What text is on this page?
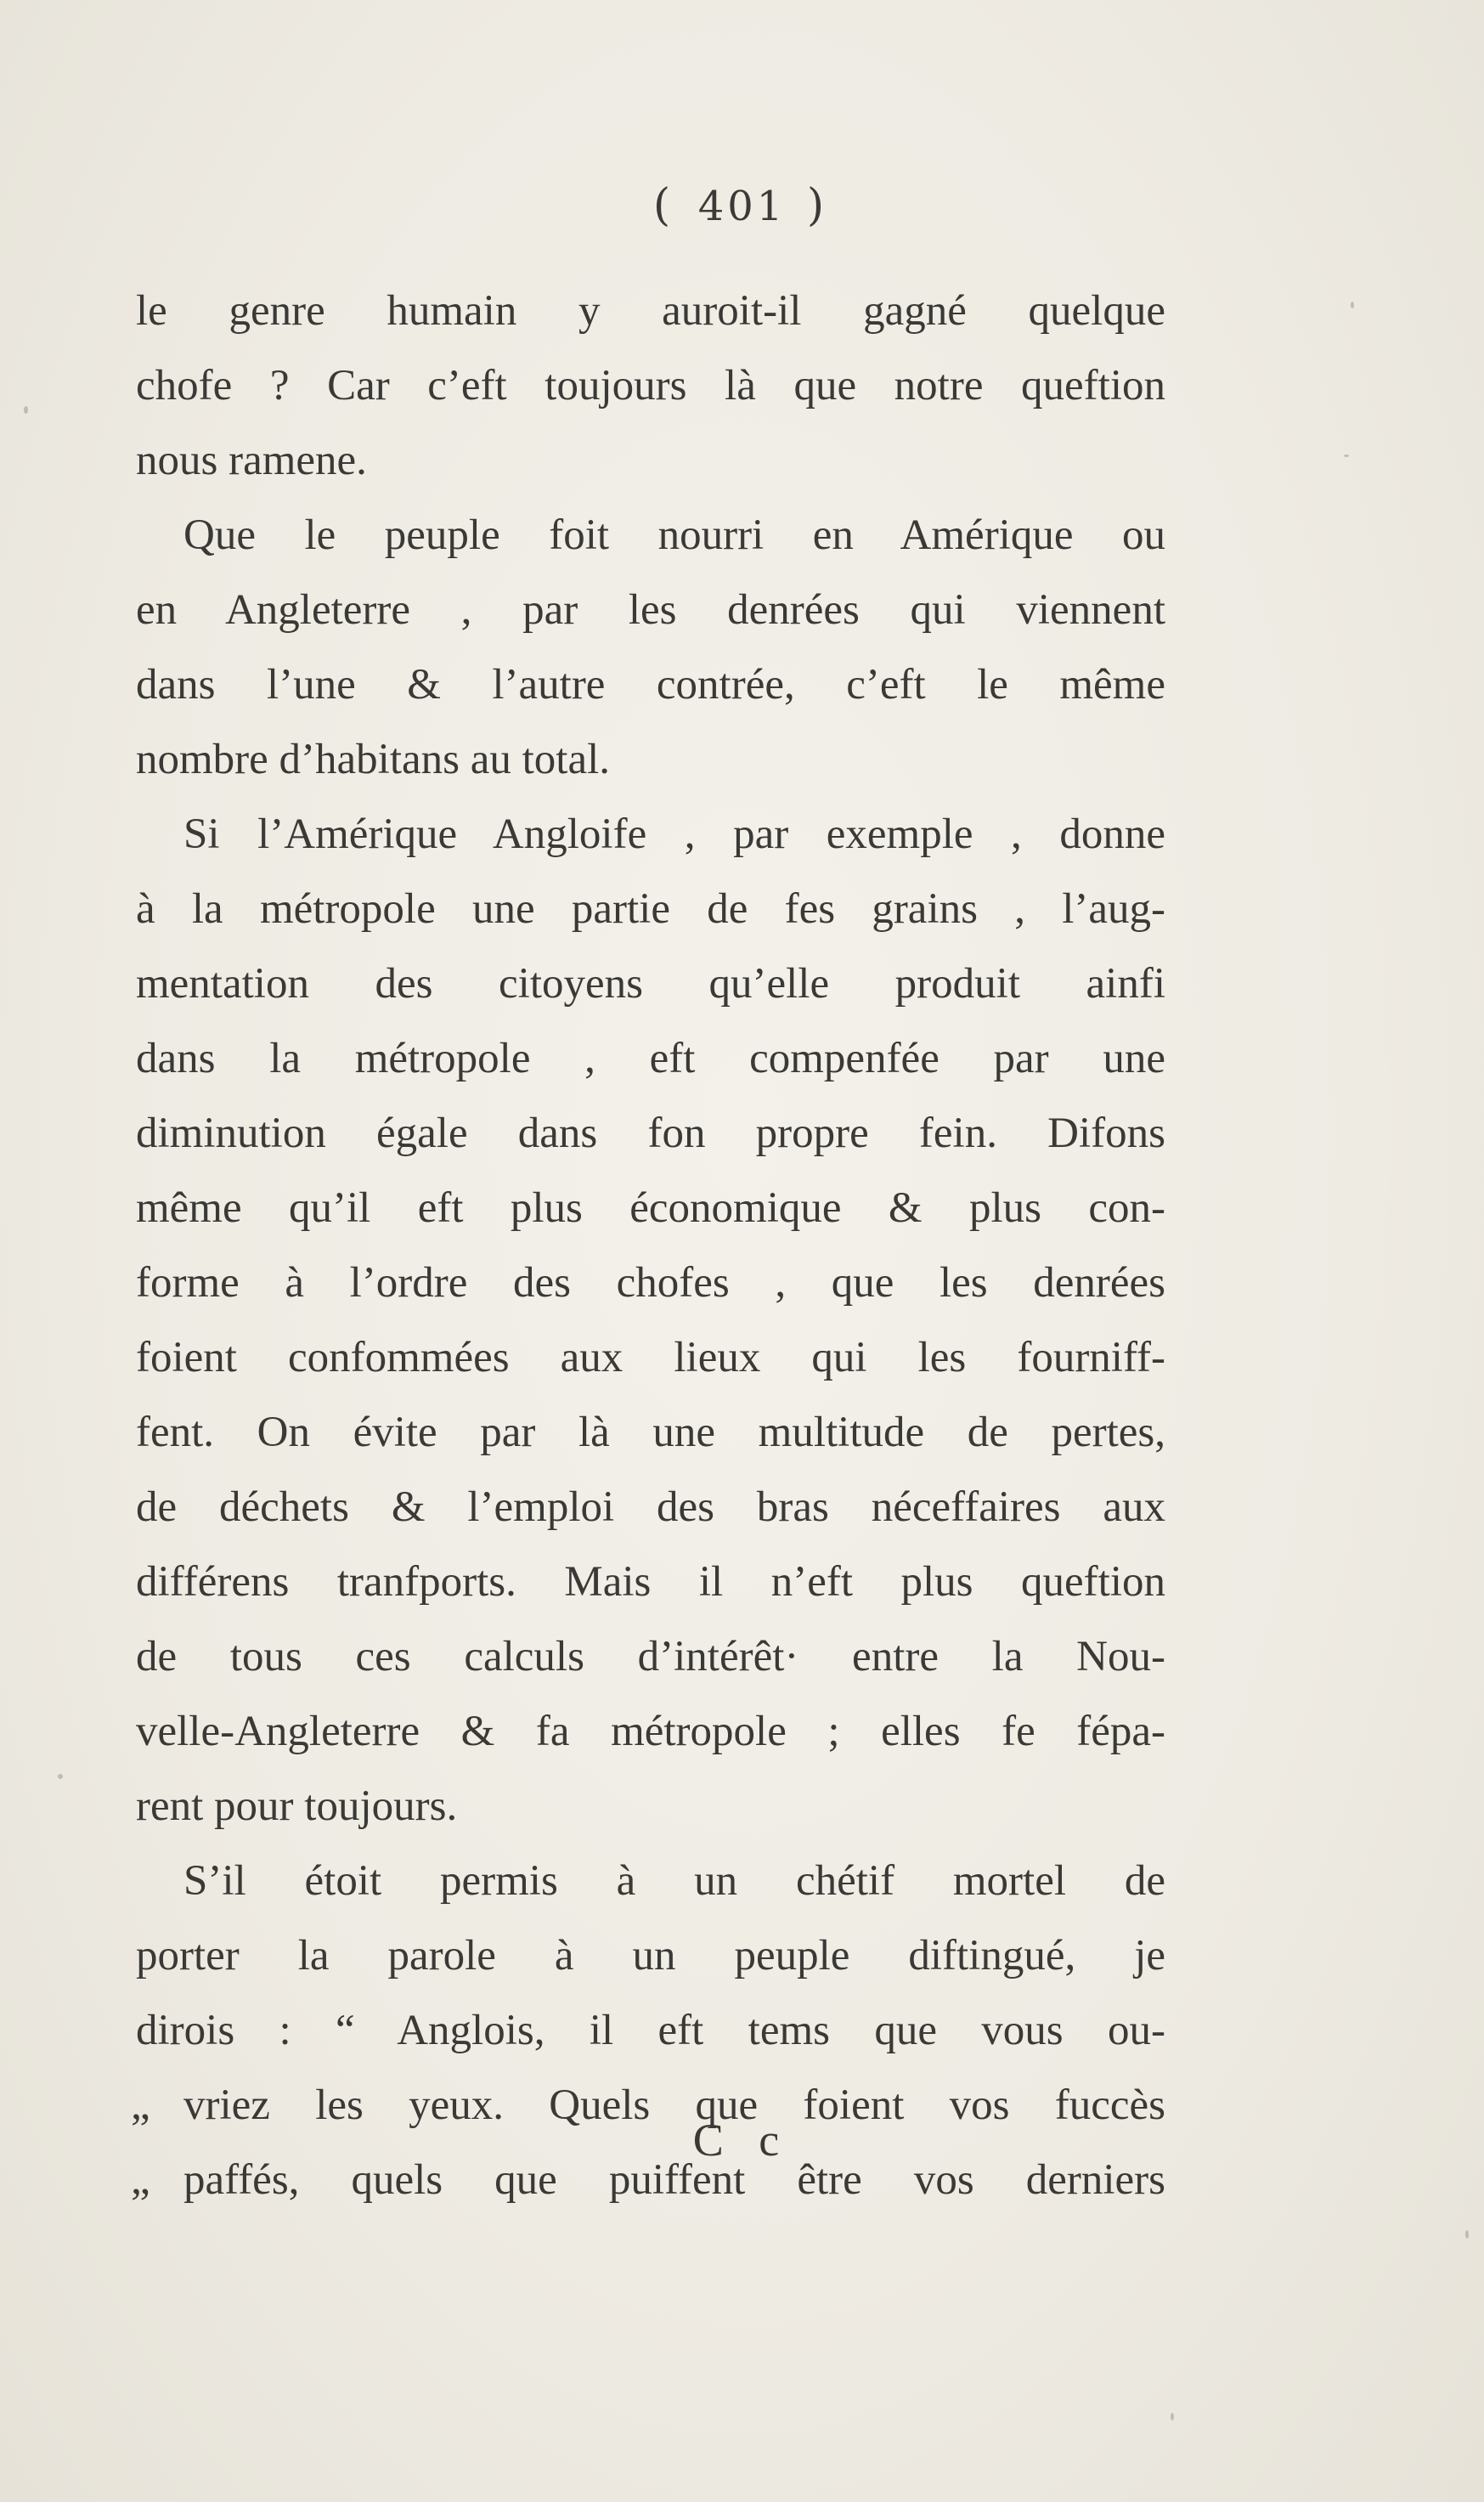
( 401 )
le genre humain y auroit-il gagné quelque
chofe ? Car c’eft toujours là que notre queftion
nous ramene.
Que le peuple foit nourri en Amérique ou
en Angleterre , par les denrées qui viennent
dans l’une & l’autre contrée, c’eft le même
nombre d’habitans au total.
Si l’Amérique Angloife , par exemple , donne
à la métropole une partie de fes grains , l’aug-
mentation des citoyens qu’elle produit ainfi
dans la métropole , eft compenfée par une
diminution égale dans fon propre fein. Difons
même qu’il eft plus économique & plus con-
forme à l’ordre des chofes , que les denrées
foient confommées aux lieux qui les fourniff-
fent. On évite par là une multitude de pertes,
de déchets & l’emploi des bras néceffaires aux
différens tranfports. Mais il n’eft plus queftion
de tous ces calculs d’intérêt· entre la Nou-
velle-Angleterre & fa métropole ; elles fe fépa-
rent pour toujours.
S’il étoit permis à un chétif mortel de
porter la parole à un peuple diftingué, je
dirois : “ Anglois, il eft tems que vous ou-
„ vriez les yeux. Quels que foient vos fuccès
„ paffés, quels que puiffent être vos derniers
C c
